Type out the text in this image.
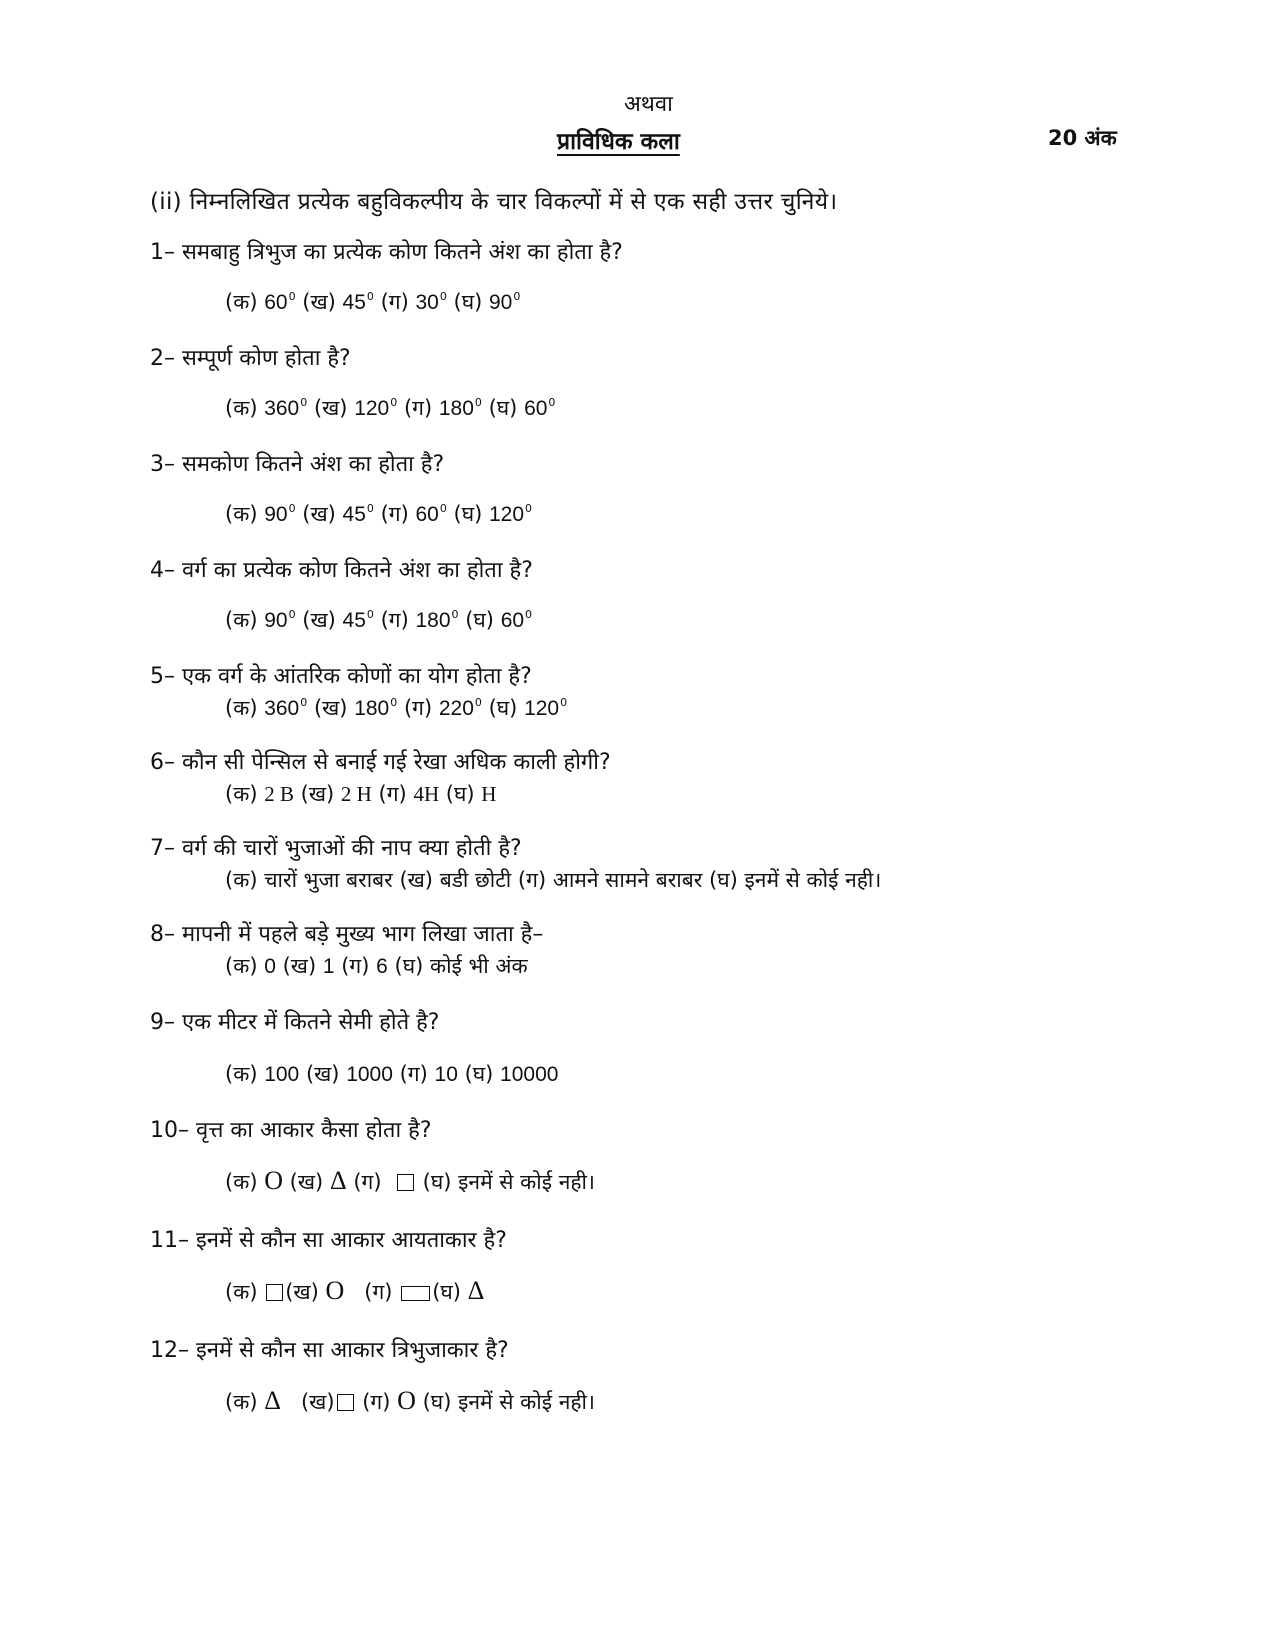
अथवा
प्राविधिक कला	20 अंक
(ii) निम्नलिखित प्रत्येक बहुविकल्पीय के चार विकल्पों में से एक सही उत्तर चुनिये।
1– समबाहु त्रिभुज का प्रत्येक कोण कितने अंश का होता है?
(क) $60^0$ (ख) $45^0$ (ग) $30^0$ (घ) $90^0$
2– सम्पूर्ण कोण होता है?
(क) $360^0$ (ख) $120^0$ (ग) $180^0$ (घ) $60^0$
3– समकोण कितने अंश का होता है?
(क) $90^0$ (ख) $45^0$ (ग) $60^0$ (घ) $120^0$
4– वर्ग का प्रत्येक कोण कितने अंश का होता है?
(क) $90^0$ (ख) $45^0$ (ग) $180^0$ (घ) $60^0$
5– एक वर्ग के आंतरिक कोणों का योग होता है?
(क) $360^0$ (ख) $180^0$ (ग) $220^0$ (घ) $120^0$
6– कौन सी पेन्सिल से बनाई गई रेखा अधिक काली होगी?
(क) 2 B (ख) 2 H (ग) 4H (घ) H
7– वर्ग की चारों भुजाओं की नाप क्या होती है?
(क) चारों भुजा बराबर (ख) बडी छोटी (ग) आमने सामने बराबर (घ) इनमें से कोई नही।
8– मापनी में पहले बड़े मुख्य भाग लिखा जाता है–
(क) 0 (ख) 1 (ग) 6 (घ) कोई भी अंक
9– एक मीटर में कितने सेमी होते है?
(क) 100 (ख) 1000 (ग) 10 (घ) 10000
10– वृत्त का आकार कैसा होता है?
(क) O (ख) Δ (ग) (घ) इनमें से कोई नही।
11– इनमें से कौन सा आकार आयताकार है?
(क) (ख) O (ग) (घ) Δ
12– इनमें से कौन सा आकार त्रिभुजाकार है?
(क) Δ (ख) (ग) O (घ) इनमें से कोई नही।
